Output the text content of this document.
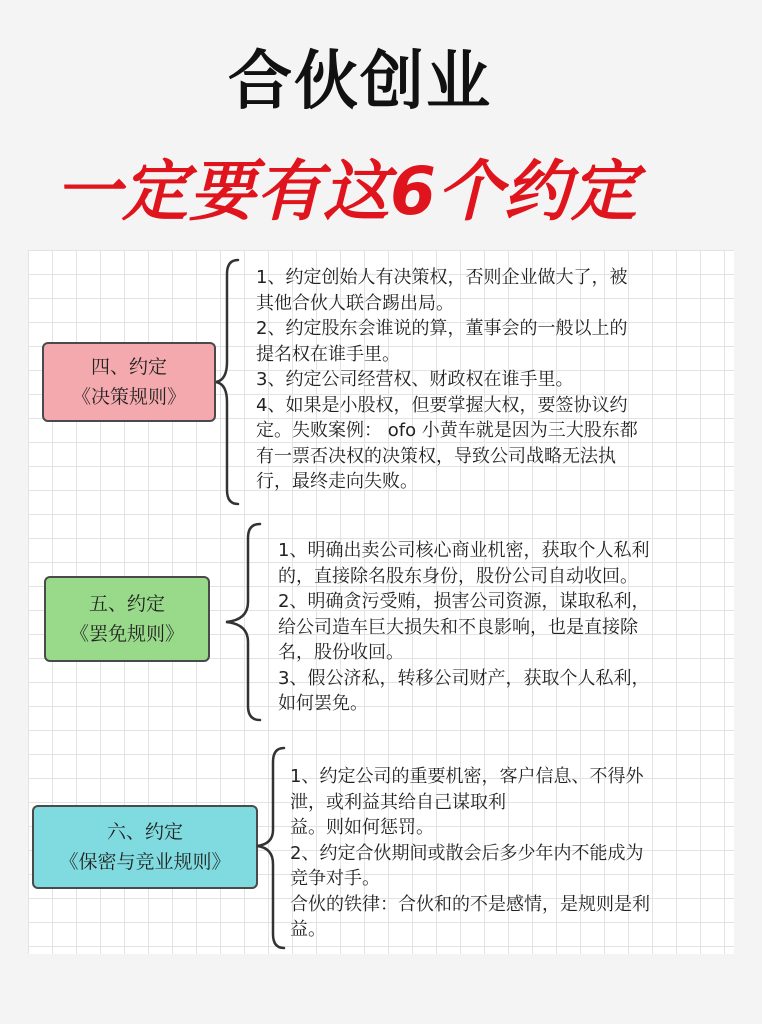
合伙创业
一定要有这6个约定
四、约定
《决策规则》
1、约定创始人有决策权，否则企业做大了，被
其他合伙人联合踢出局。
2、约定股东会谁说的算，董事会的一般以上的
提名权在谁手里。
3、约定公司经营权、财政权在谁手里。
4、如果是小股权，但要掌握大权，要签协议约
定。失败案例： ofo 小黄车就是因为三大股东都
有一票否决权的决策权，导致公司战略无法执
行，最终走向失败。
五、约定
《罢免规则》
1、明确出卖公司核心商业机密，获取个人私利
的，直接除名股东身份，股份公司自动收回。
2、明确贪污受贿，损害公司资源，谋取私利，
给公司造车巨大损失和不良影响，也是直接除
名，股份收回。
3、假公济私，转移公司财产，获取个人私利，
如何罢免。
六、约定
《保密与竞业规则》
1、约定公司的重要机密，客户信息、不得外
泄，或利益其给自己谋取利
益。则如何惩罚。
2、约定合伙期间或散会后多少年内不能成为
竞争对手。
合伙的铁律：合伙和的不是感情，是规则是利
益。
